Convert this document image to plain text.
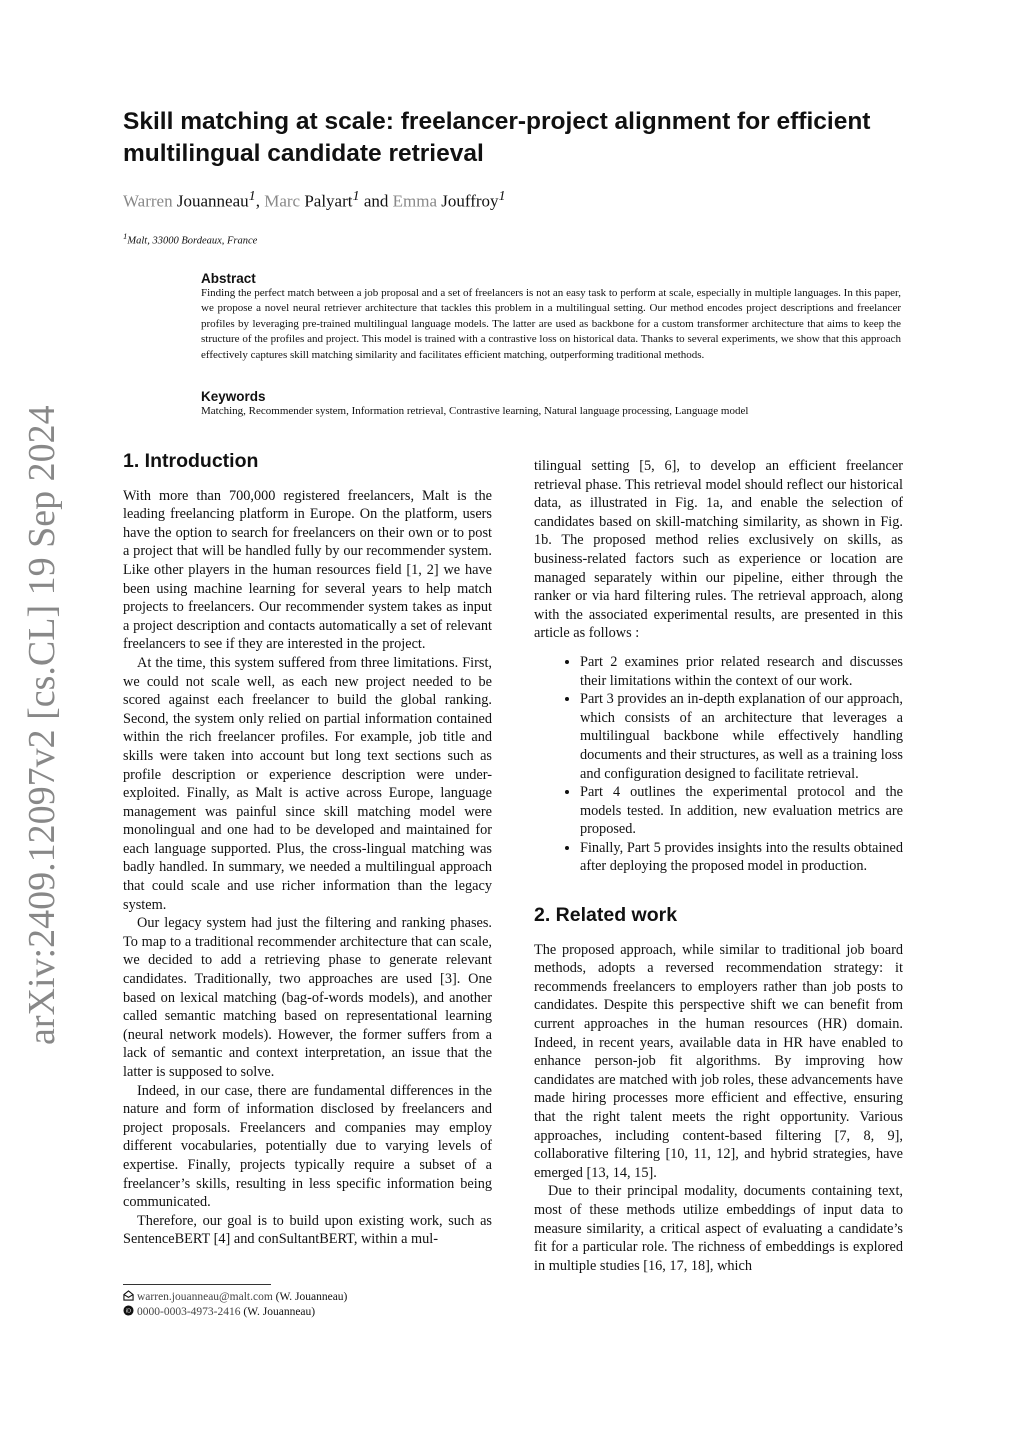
arXiv:2409.12097v2 [cs.CL] 19 Sep 2024
Skill matching at scale: freelancer-project alignment for efficient multilingual candidate retrieval
Warren Jouanneau$^1$, Marc Palyart$^1$ and Emma Jouffroy$^1$
$^1$Malt, 33000 Bordeaux, France
Abstract

Finding the perfect match between a job proposal and a set of freelancers is not an easy task to perform at scale, especially in multiple languages. In this paper, we propose a novel neural retriever architecture that tackles this problem in a multilingual setting. Our method encodes project descriptions and freelancer profiles by leveraging pre-trained multilingual language models. The latter are used as backbone for a custom transformer architecture that aims to keep the structure of the profiles and project. This model is trained with a contrastive loss on historical data. Thanks to several experiments, we show that this approach effectively captures skill matching similarity and facilitates efficient matching, outperforming traditional methods.

Keywords

Matching, Recommender system, Information retrieval, Contrastive learning, Natural language processing, Language model

1. Introduction

With more than 700,000 registered freelancers, Malt is the leading freelancing platform in Europe. On the platform, users have the option to search for freelancers on their own or to post a project that will be handled fully by our recommender system. Like other players in the human resources field [1, 2] we have been using machine learning for several years to help match projects to freelancers. Our recommender system takes as input a project description and contacts automatically a set of relevant freelancers to see if they are interested in the project.

At the time, this system suffered from three limitations. First, we could not scale well, as each new project needed to be scored against each freelancer to build the global ranking. Second, the system only relied on partial information contained within the rich freelancer profiles. For example, job title and skills were taken into account but long text sections such as profile description or experience description were under-exploited. Finally, as Malt is active across Europe, language management was painful since skill matching model were monolingual and one had to be developed and maintained for each language supported. Plus, the cross-lingual matching was badly handled. In summary, we needed a multilingual approach that could scale and use richer information than the legacy system.

Our legacy system had just the filtering and ranking phases. To map to a traditional recommender architecture that can scale, we decided to add a retrieving phase to generate relevant candidates. Traditionally, two approaches are used [3]. One based on lexical matching (bag-of-words models), and another called semantic matching based on representational learning (neural network models). However, the former suffers from a lack of semantic and context interpretation, an issue that the latter is supposed to solve.

Indeed, in our case, there are fundamental differences in the nature and form of information disclosed by freelancers and project proposals. Freelancers and companies may employ different vocabularies, potentially due to varying levels of expertise. Finally, projects typically require a subset of a freelancer’s skills, resulting in less specific information being communicated.

Therefore, our goal is to build upon existing work, such as SentenceBERT [4] and conSultantBERT, within a mul-

tilingual setting [5, 6], to develop an efficient freelancer retrieval phase. This retrieval model should reflect our historical data, as illustrated in Fig. 1a, and enable the selection of candidates based on skill-matching similarity, as shown in Fig. 1b. The proposed method relies exclusively on skills, as business-related factors such as experience or location are managed separately within our pipeline, either through the ranker or via hard filtering rules. The retrieval approach, along with the associated experimental results, are presented in this article as follows :

• Part 2 examines prior related research and discusses their limitations within the context of our work.
• Part 3 provides an in-depth explanation of our approach, which consists of an architecture that leverages a multilingual backbone while effectively handling documents and their structures, as well as a training loss and configuration designed to facilitate retrieval.
• Part 4 outlines the experimental protocol and the models tested. In addition, new evaluation metrics are proposed.
• Finally, Part 5 provides insights into the results obtained after deploying the proposed model in production.
2. Related work

The proposed approach, while similar to traditional job board methods, adopts a reversed recommendation strategy: it recommends freelancers to employers rather than job posts to candidates. Despite this perspective shift we can benefit from current approaches in the human resources (HR) domain. Indeed, in recent years, available data in HR have enabled to enhance person-job fit algorithms. By improving how candidates are matched with job roles, these advancements have made hiring processes more efficient and effective, ensuring that the right talent meets the right opportunity. Various approaches, including content-based filtering [7, 8, 9], collaborative filtering [10, 11, 12], and hybrid strategies, have emerged [13, 14, 15].

Due to their principal modality, documents containing text, most of these methods utilize embeddings of input data to measure similarity, a critical aspect of evaluating a candidate’s fit for a particular role. The richness of embeddings is explored in multiple studies [16, 17, 18], which

warren.jouanneau@malt.com (W. Jouanneau)
iD 0000-0003-4973-2416 (W. Jouanneau)
